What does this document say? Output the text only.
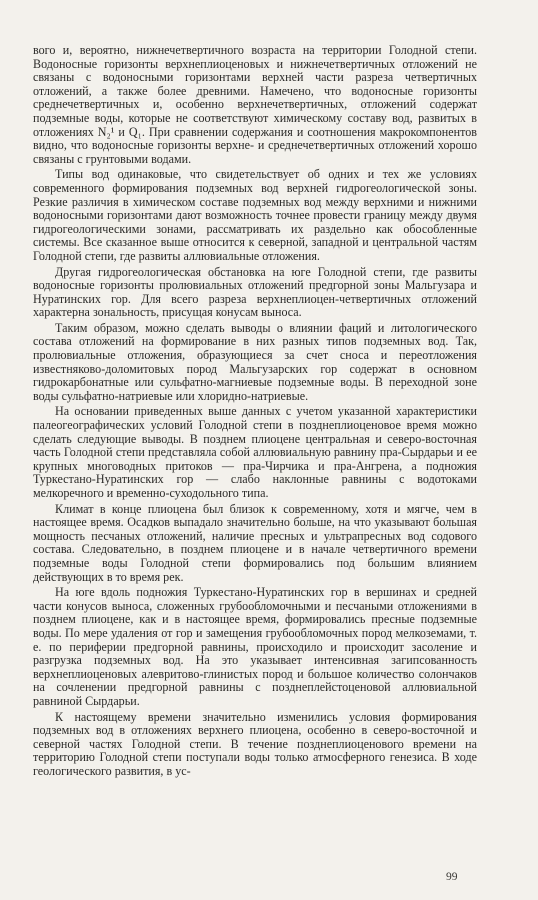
вого и, вероятно, нижнечетвертичного возраста на территории Голодной степи. Водоносные горизонты верхнеплиоценовых и нижнечетвертичных отложений не связаны с водоносными горизонтами верхней части разреза четвертичных отложений, а также более древними. Намечено, что водоносные горизонты среднечетвертичных и, особенно верхнечетвертичных, отложений содержат подземные воды, которые не соответствуют химическому составу вод, развитых в отложениях N₂¹ и Q₁. При сравнении содержания и соотношения макрокомпонентов видно, что водоносные горизонты верхне- и среднечетвертичных отложений хорошо связаны с грунтовыми водами.

Типы вод одинаковые, что свидетельствует об одних и тех же условиях современного формирования подземных вод верхней гидрогеологической зоны. Резкие различия в химическом составе подземных вод между верхними и нижними водоносными горизонтами дают возможность точнее провести границу между двумя гидрогеологическими зонами, рассматривать их раздельно как обособленные системы. Все сказанное выше относится к северной, западной и центральной частям Голодной степи, где развиты аллювиальные отложения.

Другая гидрогеологическая обстановка на юге Голодной степи, где развиты водоносные горизонты пролювиальных отложений предгорной зоны Мальгузара и Нуратинских гор. Для всего разреза верхнеплиоцен-четвертичных отложений характерна зональность, присущая конусам выноса.

Таким образом, можно сделать выводы о влиянии фаций и литологического состава отложений на формирование в них разных типов подземных вод. Так, пролювиальные отложения, образующиеся за счет сноса и переотложения известняково-доломитовых пород Мальгузарских гор содержат в основном гидрокарбонатные или сульфатно-магниевые подземные воды. В переходной зоне воды сульфатно-натриевые или хлоридно-натриевые.

На основании приведенных выше данных с учетом указанной характеристики палеогеографических условий Голодной степи в позднеплиоценовое время можно сделать следующие выводы. В позднем плиоцене центральная и северо-восточная часть Голодной степи представляла собой аллювиальную равнину пра-Сырдарьи и ее крупных многоводных притоков — пра-Чирчика и пра-Ангрена, а подножия Туркестано-Нуратинских гор — слабо наклонные равнины с водотоками мелкоречного и временно-суходольного типа.

Климат в конце плиоцена был близок к современному, хотя и мягче, чем в настоящее время. Осадков выпадало значительно больше, на что указывают большая мощность песчаных отложений, наличие пресных и ультрапресных вод содового состава. Следовательно, в позднем плиоцене и в начале четвертичного времени подземные воды Голодной степи формировались под большим влиянием действующих в то время рек.

На юге вдоль подножия Туркестано-Нуратинских гор в вершинах и средней части конусов выноса, сложенных грубообломочными и песчаными отложениями в позднем плиоцене, как и в настоящее время, формировались пресные подземные воды. По мере удаления от гор и замещения грубообломочных пород мелкоземами, т. е. по периферии предгорной равнины, происходило и происходит засоление и разгрузка подземных вод. На это указывает интенсивная загипсованность верхнеплиоценовых алевритово-глинистых пород и большое количество солончаков на сочленении предгорной равнины с позднеплейстоценовой аллювиальной равниной Сырдарьи.

К настоящему времени значительно изменились условия формирования подземных вод в отложениях верхнего плиоцена, особенно в северо-восточной и северной частях Голодной степи. В течение позднеплиоценового времени на территорию Голодной степи поступали воды только атмосферного генезиса. В ходе геологического развития, в ус-

99
